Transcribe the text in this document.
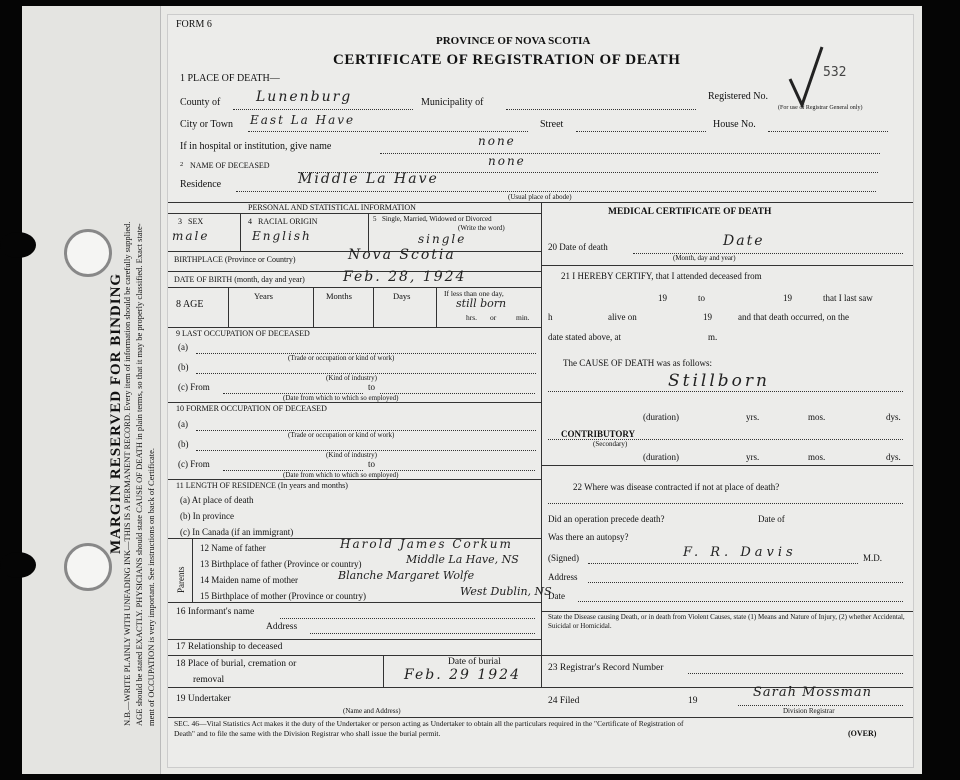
MARGIN RESERVED FOR BINDING
N.B.—WRITE PLAINLY WITH UNFADING INK—THIS IS A PERMANENT RECORD. Every item of information should be carefully supplied. AGE should be stated EXACTLY. PHYSICIANS should state CAUSE OF DEATH in plain terms, so that it may be properly classified. Exact state- ment of OCCUPATION is very important. See instructions on back of Certificate.
FORM 6
PROVINCE OF NOVA SCOTIA
CERTIFICATE OF REGISTRATION OF DEATH
532
1 PLACE OF DEATH—
County of	Lunenburg	Municipality of
Registered No.
(For use of Registrar General only)
City or Town East La Have	Street	House No.
If in hospital or institution, give name	none
2 NAME OF DECEASED	none
Residence	Middle La Have
(Usual place of abode)
PERSONAL AND STATISTICAL INFORMATION
3 SEX
male
4 RACIAL ORIGIN
English
5 Single, Married, Widowed or Divorced
(Write the word)
single
BIRTHPLACE (Province or Country)	Nova Scotia
DATE OF BIRTH (month, day and year)	Feb. 28, 1924
8 AGE
Years	Months	Days	If less than one day,
still born
hrs. or	min.
9 LAST OCCUPATION OF DECEASED
(a)
(Trade or occupation or kind of work)
(b)
(Kind of industry)
(c) From	to
(Date from which to which so employed)
10 FORMER OCCUPATION OF DECEASED
(a)
(Trade or occupation or kind of work)
(b)
(Kind of industry)
(c) From	to
(Date from which to which so employed)
11 LENGTH OF RESIDENCE (In years and months)
(a) At place of death
(b) In province
(c) In Canada (if an immigrant)
Parents
12 Name of father	Harold James Corkum
13 Birthplace of father (Province or country)	Middle La Have, NS
14 Maiden name of mother	Blanche Margaret Wolfe
15 Birthplace of mother (Province or country)	West Dublin, NS
16 Informant's name
Address
17 Relationship to deceased
18 Place of burial, cremation or
removal
Date of burial
Feb. 29 1924
19 Undertaker
(Name and Address)
MEDICAL CERTIFICATE OF DEATH
20 Date of death	Date
(Month, day and year)
21 I HEREBY CERTIFY, that I attended deceased from
19	to	19	that I last saw
h	alive on	19	and that death occurred, on the
date stated above, at	m.
The CAUSE OF DEATH was as follows:
Stillborn
(duration)	yrs.	mos.	dys.
CONTRIBUTORY
(Secondary)
(duration)	yrs.	mos.	dys.
22 Where was disease contracted if not at place of death?
Did an operation precede death?	Date of
Was there an autopsy?
(Signed)	F. R. Davis	M.D.
Address
Date
State the Disease causing Death, or in death from Violent Causes, state (1) Means and Nature of Injury, (2) whether Accidental, Suicidal or Homicidal.
23 Registrar's Record Number
24 Filed	19
Sarah Mossman
Division Registrar
SEC. 46—Vital Statistics Act makes it the duty of the Undertaker or person acting as Undertaker to obtain all the particulars required in the "Certificate of Registration of
Death" and to file the same with the Division Registrar who shall issue the burial permit.	(OVER)
